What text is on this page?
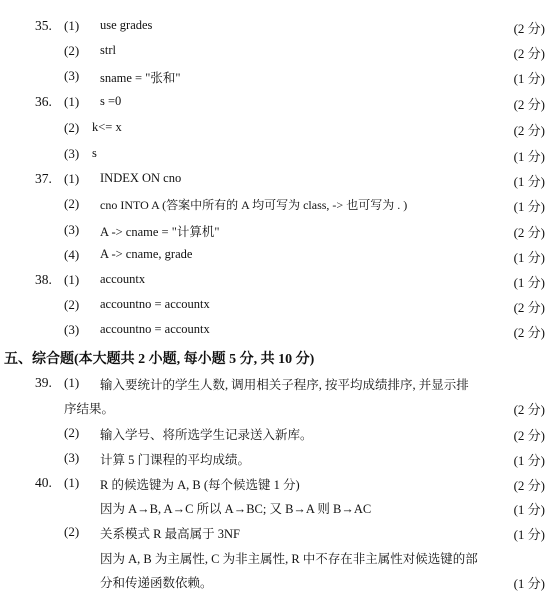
35. (1) use grades	(2 分)
(2) strl	(2 分)
(3) sname = "张和"	(1 分)
36. (1) s =0	(2 分)
(2) k<= x	(2 分)
(3) s	(1 分)
37. (1) INDEX ON cno	(1 分)
(2) cno INTO A (答案中所有的 A 均可写为 class, -> 也可写为 . )	(1 分)
(3) A -> cname = "计算机"	(2 分)
(4) A -> cname, grade	(1 分)
38. (1) accountx	(1 分)
(2) accountno = accountx	(2 分)
(3) accountno = accountx	(2 分)
五、综合题(本大题共 2 小题, 每小题 5 分, 共 10 分)
39. (1) 输入要统计的学生人数, 调用相关子程序, 按平均成绩排序, 并显示排
序结果。	(2 分)
(2) 输入学号、将所选学生记录送入新库。	(2 分)
(3) 计算 5 门课程的平均成绩。	(1 分)
40. (1) R 的候选键为 A, B (每个候选键 1 分)	(2 分)
因为 A→B, A→C 所以 A→BC; 又 B→A 则 B→AC	(1 分)
(2) 关系模式 R 最高属于 3NF	(1 分)
因为 A, B 为主属性, C 为非主属性, R 中不存在非主属性对候选键的部
分和传递函数依赖。	(1 分)
